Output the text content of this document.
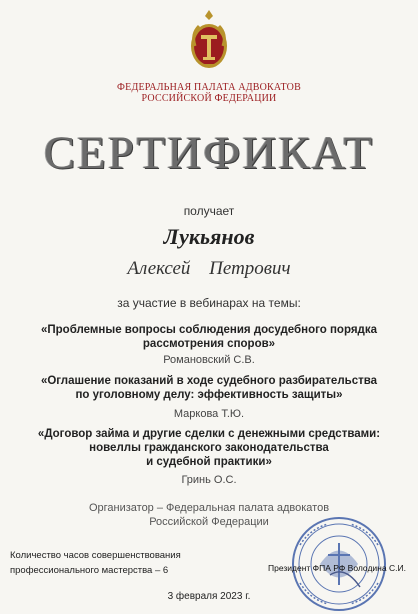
ФЕДЕРАЛЬНАЯ ПАЛАТА АДВОКАТОВ
РОССИЙСКОЙ ФЕДЕРАЦИИ
СЕРТИФИКАТ
получает
Лукьянов
Алексей Петрович
за участие в вебинарах на темы:
«Проблемные вопросы соблюдения досудебного порядка
рассмотрения споров»
Романовский С.В.
«Оглашение показаний в ходе судебного разбирательства
по уголовному делу: эффективность защиты»
Маркова Т.Ю.
«Договор займа и другие сделки с денежными средствами:
новеллы гражданского законодательства
и судебной практики»
Гринь О.С.
Организатор – Федеральная палата адвокатов
Российской Федерации
Количество часов совершенствования
профессионального мастерства – 6	Президент ФПА РФ Володина С.И.
3 февраля 2023 г.
